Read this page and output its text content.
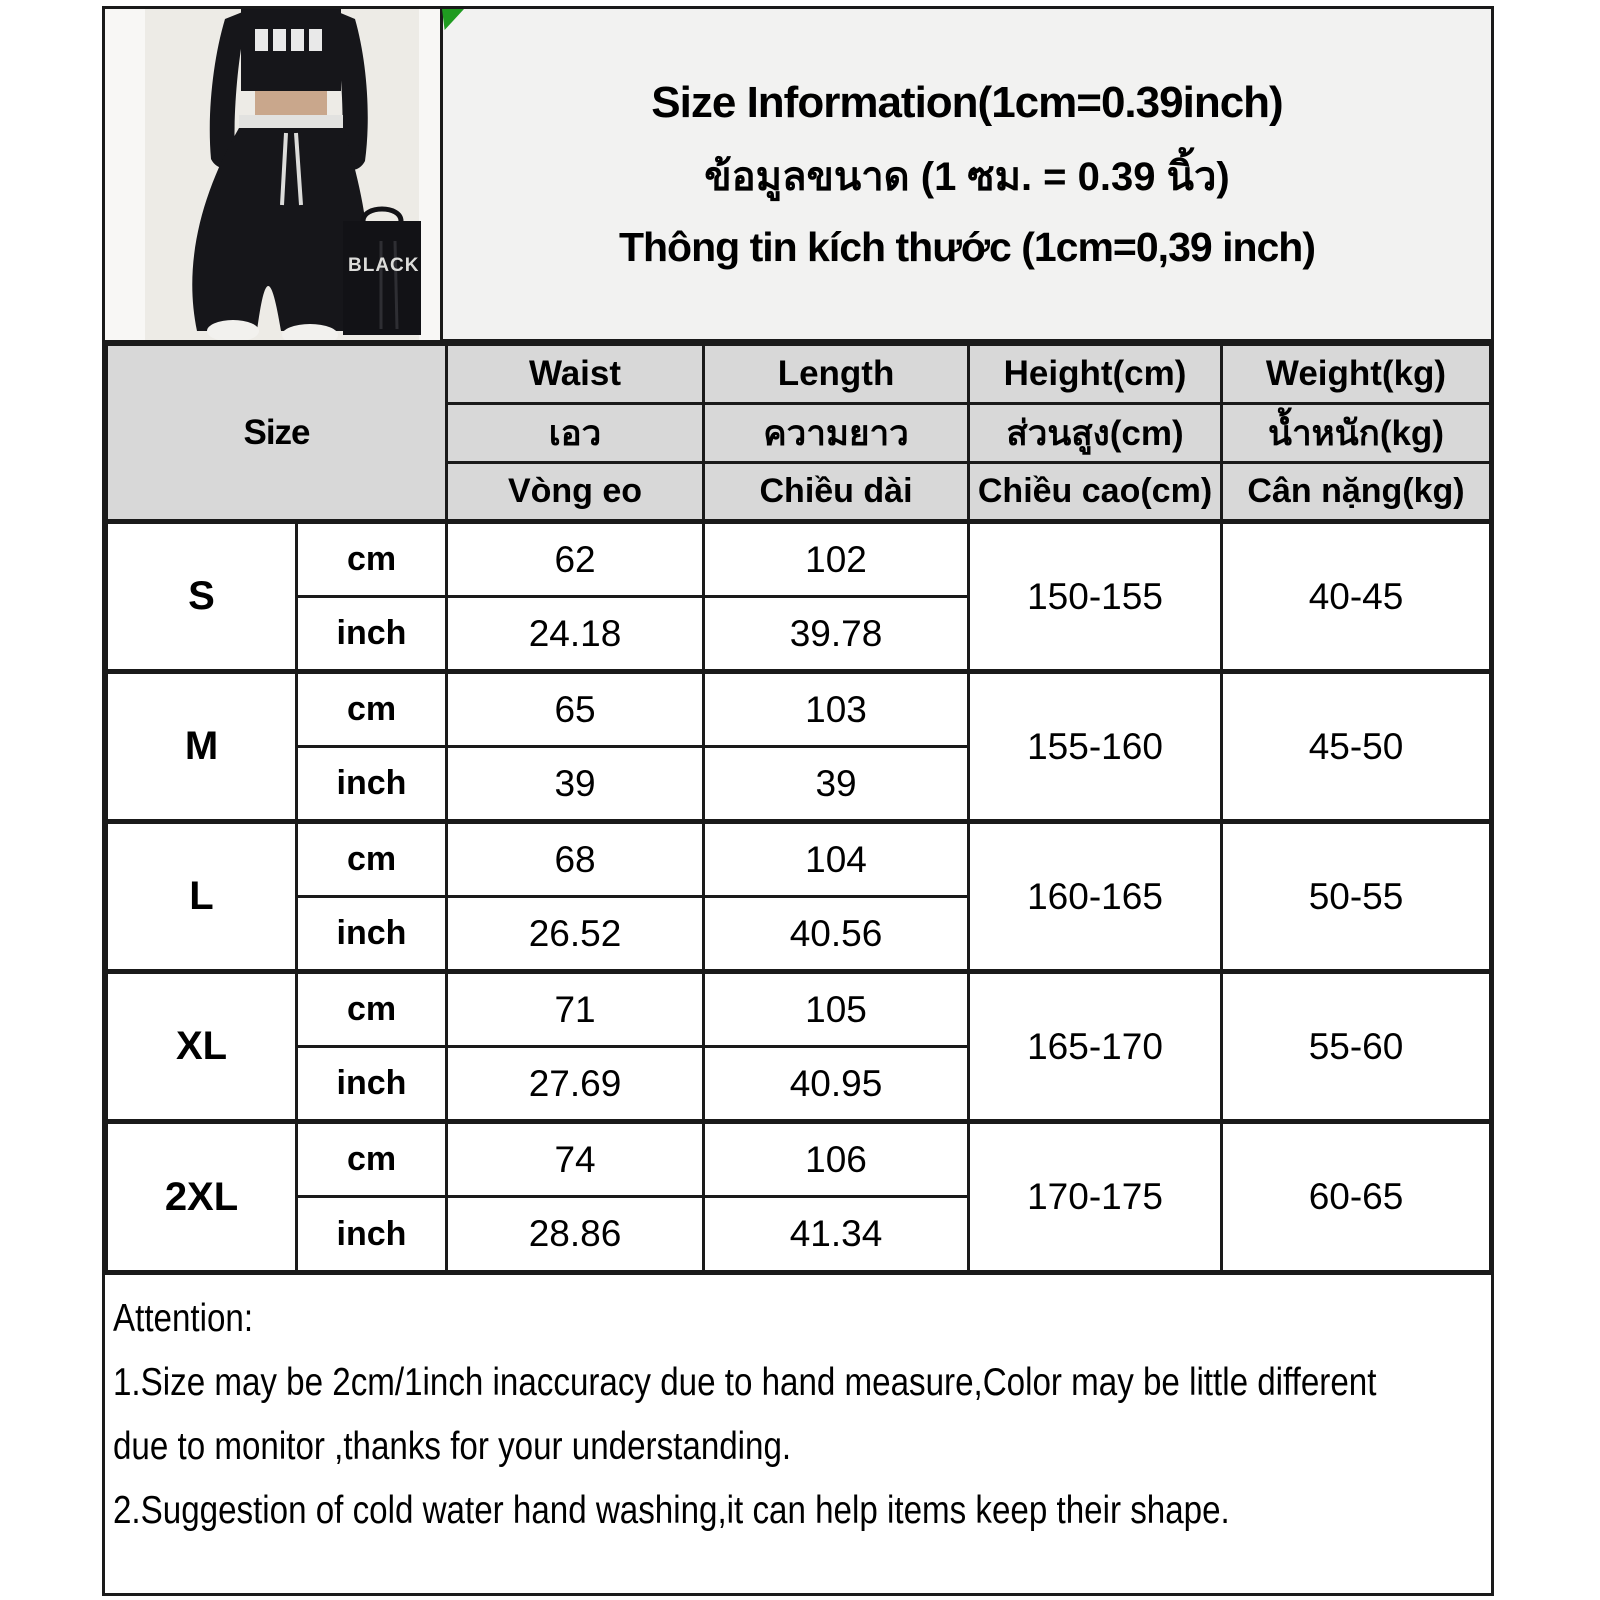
BLACK
Size Information(1cm=0.39inch)
ข้อมูลขนาด (1 ซม. = 0.39 นิ้ว)
Thông tin kích thước (1cm=0,39 inch)
Size		Waist	Length	Height(cm)	Weight(kg)
		เอว	ความยาว	ส่วนสูง(cm)	น้ำหนัก(kg)
		Vòng eo	Chiều dài	Chiều cao(cm)	Cân nặng(kg)
S	cm	62	102	150-155	40-45
	inch	24.18	39.78		
M	cm	65	103	155-160	45-50
	inch	39	39		
L	cm	68	104	160-165	50-55
	inch	26.52	40.56		
XL	cm	71	105	165-170	55-60
	inch	27.69	40.95		
2XL	cm	74	106	170-175	60-65
	inch	28.86	41.34		
Attention:
1.Size may be 2cm/1inch inaccuracy due to hand measure,Color may be little different
due to monitor ,thanks for your understanding.
2.Suggestion of cold water hand washing,it can help items keep their shape.
